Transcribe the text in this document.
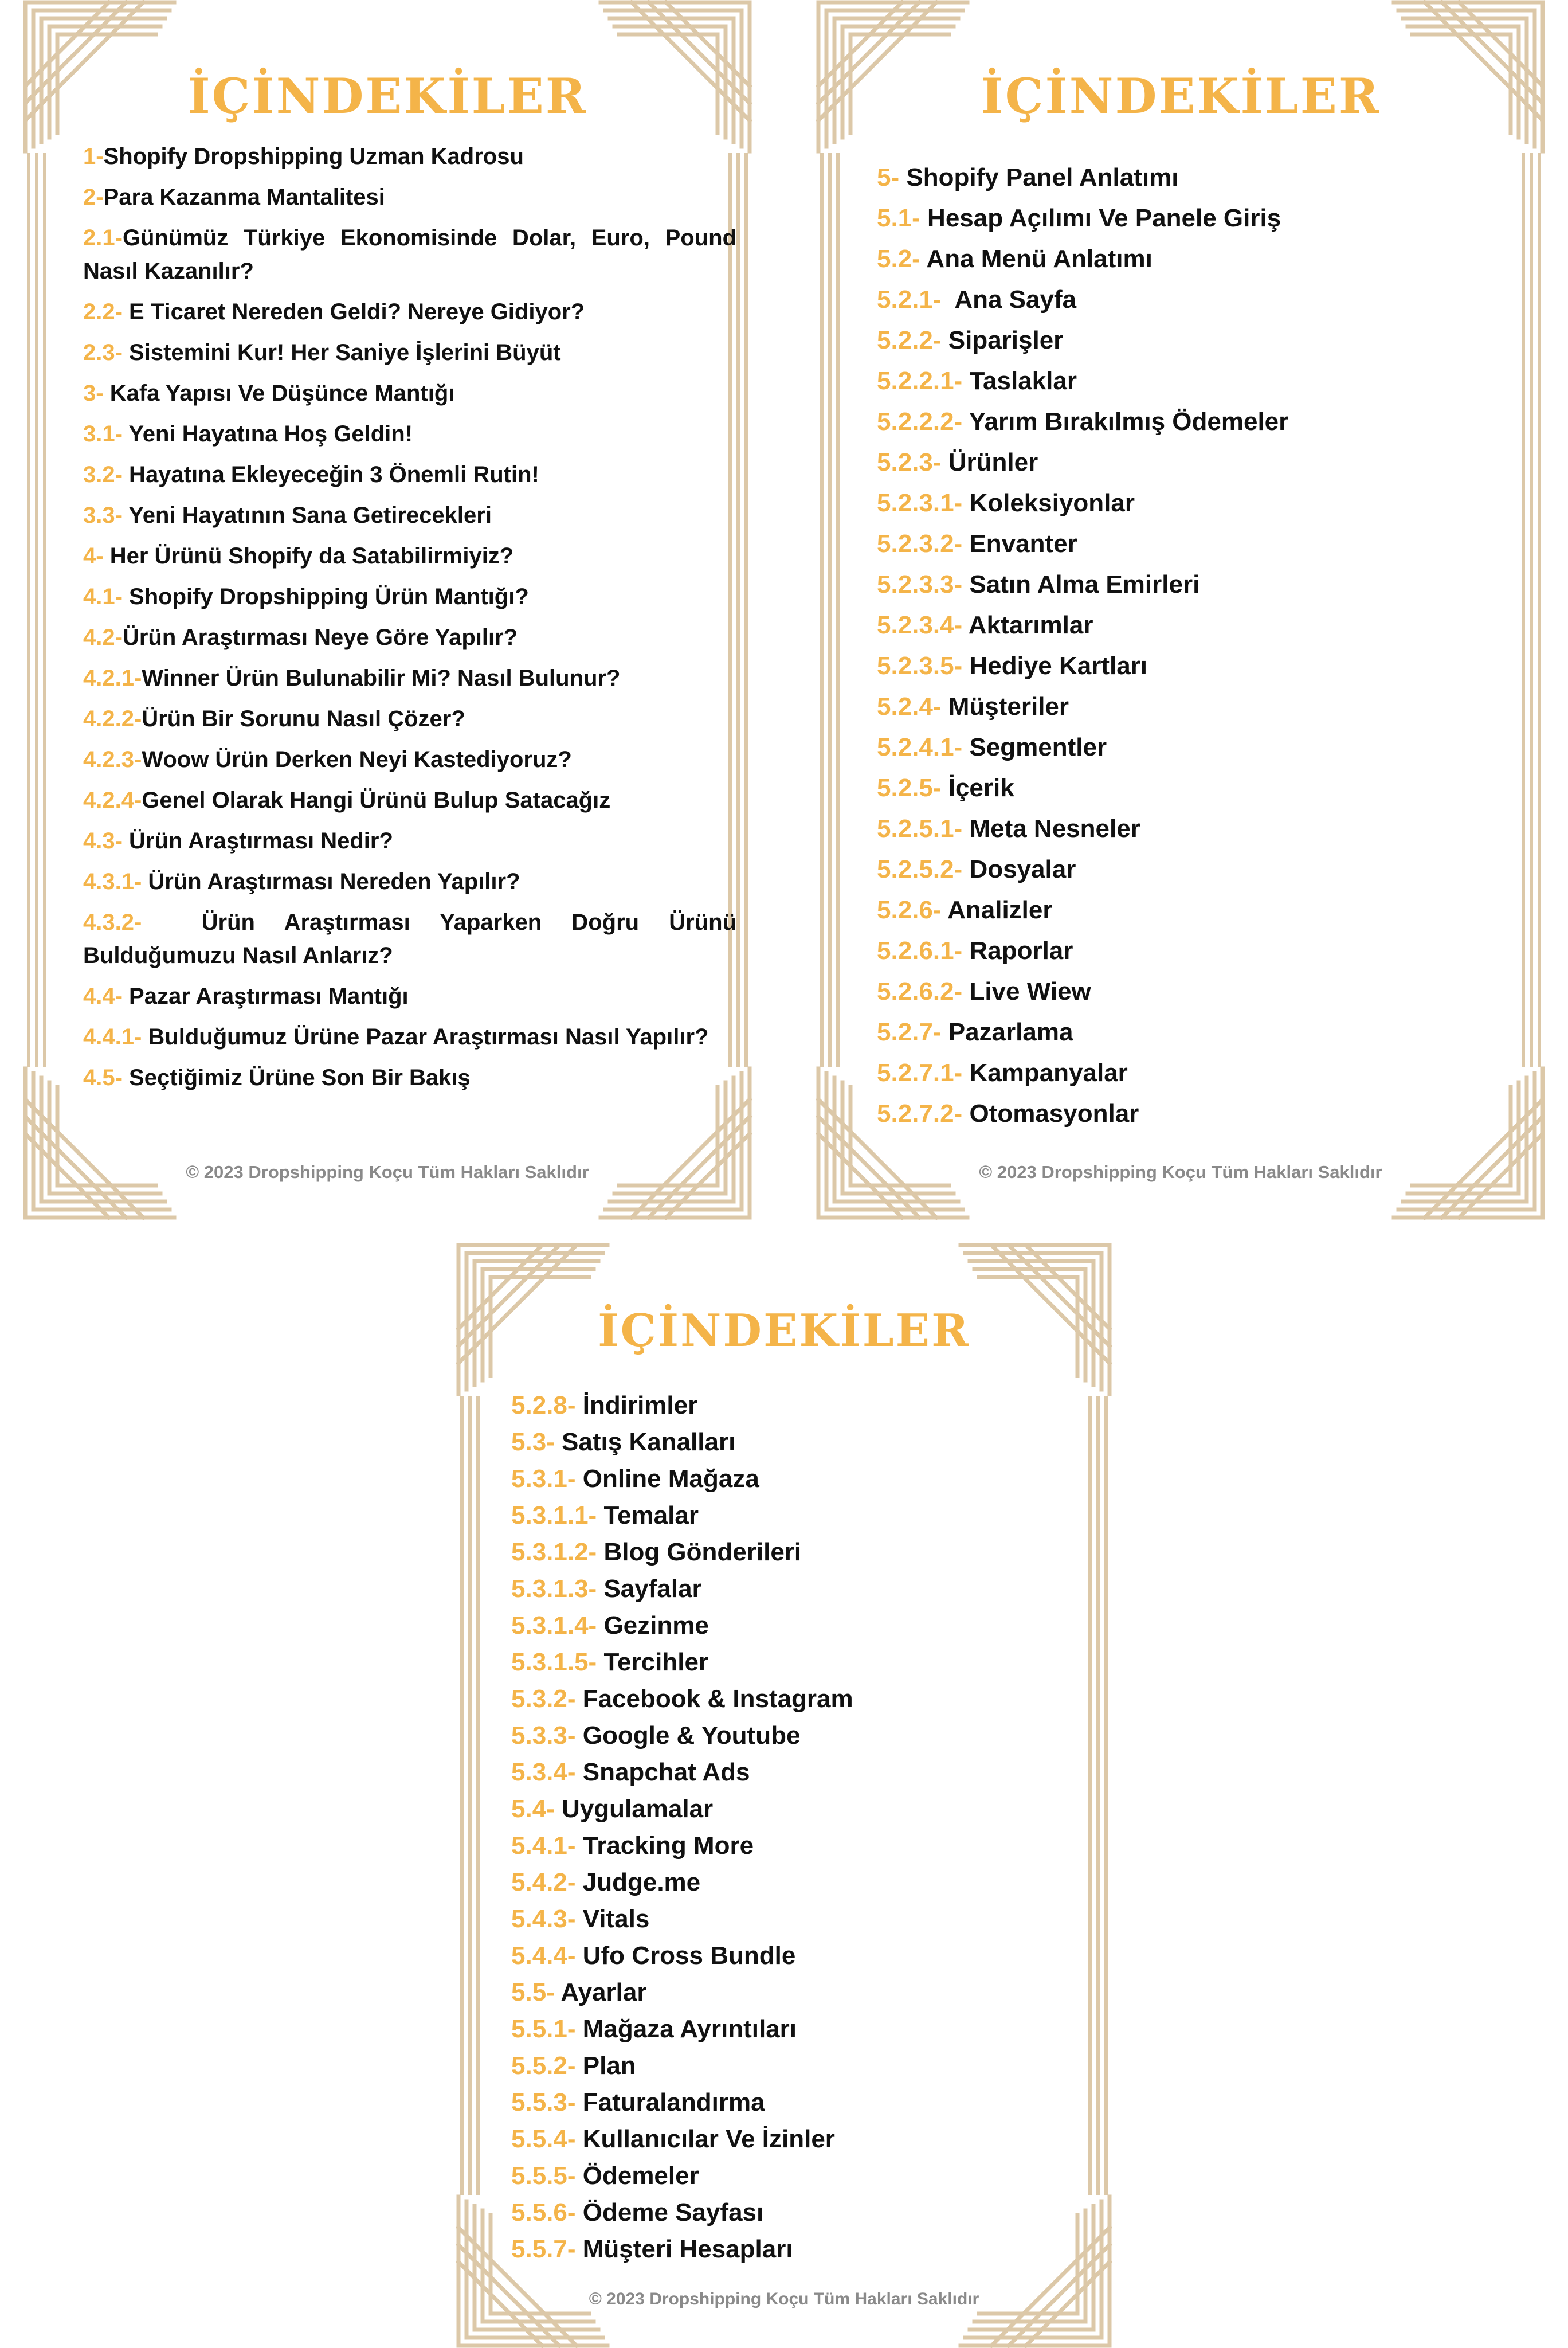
İÇİNDEKİLER
1-Shopify Dropshipping Uzman Kadrosu
2-Para Kazanma Mantalitesi
2.1-Günümüz Türkiye Ekonomisinde Dolar, Euro, Pound Nasıl Kazanılır?
2.2- E Ticaret Nereden Geldi? Nereye Gidiyor?
2.3- Sistemini Kur! Her Saniye İşlerini Büyüt
3- Kafa Yapısı Ve Düşünce Mantığı
3.1- Yeni Hayatına Hoş Geldin!
3.2- Hayatına Ekleyeceğin 3 Önemli Rutin!
3.3- Yeni Hayatının Sana Getirecekleri
4- Her Ürünü Shopify da Satabilirmiyiz?
4.1- Shopify Dropshipping Ürün Mantığı?
4.2-Ürün Araştırması Neye Göre Yapılır?
4.2.1-Winner Ürün Bulunabilir Mi? Nasıl Bulunur?
4.2.2-Ürün Bir Sorunu Nasıl Çözer?
4.2.3-Woow Ürün Derken Neyi Kastediyoruz?
4.2.4-Genel Olarak Hangi Ürünü Bulup Satacağız
4.3- Ürün Araştırması Nedir?
4.3.1- Ürün Araştırması Nereden Yapılır?
4.3.2-  Ürün Araştırması Yaparken Doğru Ürünü Bulduğumuzu Nasıl Anlarız?
4.4- Pazar Araştırması Mantığı
4.4.1- Bulduğumuz Ürüne Pazar Araştırması Nasıl Yapılır?
4.5- Seçtiğimiz Ürüne Son Bir Bakış
© 2023 Dropshipping Koçu Tüm Hakları Saklıdır
İÇİNDEKİLER
5- Shopify Panel Anlatımı
5.1- Hesap Açılımı Ve Panele Giriş
5.2- Ana Menü Anlatımı
5.2.1-  Ana Sayfa
5.2.2- Siparişler
5.2.2.1- Taslaklar
5.2.2.2- Yarım Bırakılmış Ödemeler
5.2.3- Ürünler
5.2.3.1- Koleksiyonlar
5.2.3.2- Envanter
5.2.3.3- Satın Alma Emirleri
5.2.3.4- Aktarımlar
5.2.3.5- Hediye Kartları
5.2.4- Müşteriler
5.2.4.1- Segmentler
5.2.5- İçerik
5.2.5.1- Meta Nesneler
5.2.5.2- Dosyalar
5.2.6- Analizler
5.2.6.1- Raporlar
5.2.6.2- Live Wiew
5.2.7- Pazarlama
5.2.7.1- Kampanyalar
5.2.7.2- Otomasyonlar
© 2023 Dropshipping Koçu Tüm Hakları Saklıdır
İÇİNDEKİLER
5.2.8- İndirimler
5.3- Satış Kanalları
5.3.1- Online Mağaza
5.3.1.1- Temalar
5.3.1.2- Blog Gönderileri
5.3.1.3- Sayfalar
5.3.1.4- Gezinme
5.3.1.5- Tercihler
5.3.2- Facebook & Instagram
5.3.3- Google & Youtube
5.3.4- Snapchat Ads
5.4- Uygulamalar
5.4.1- Tracking More
5.4.2- Judge.me
5.4.3- Vitals
5.4.4- Ufo Cross Bundle
5.5- Ayarlar
5.5.1- Mağaza Ayrıntıları
5.5.2- Plan
5.5.3- Faturalandırma
5.5.4- Kullanıcılar Ve İzinler
5.5.5- Ödemeler
5.5.6- Ödeme Sayfası
5.5.7- Müşteri Hesapları
© 2023 Dropshipping Koçu Tüm Hakları Saklıdır
